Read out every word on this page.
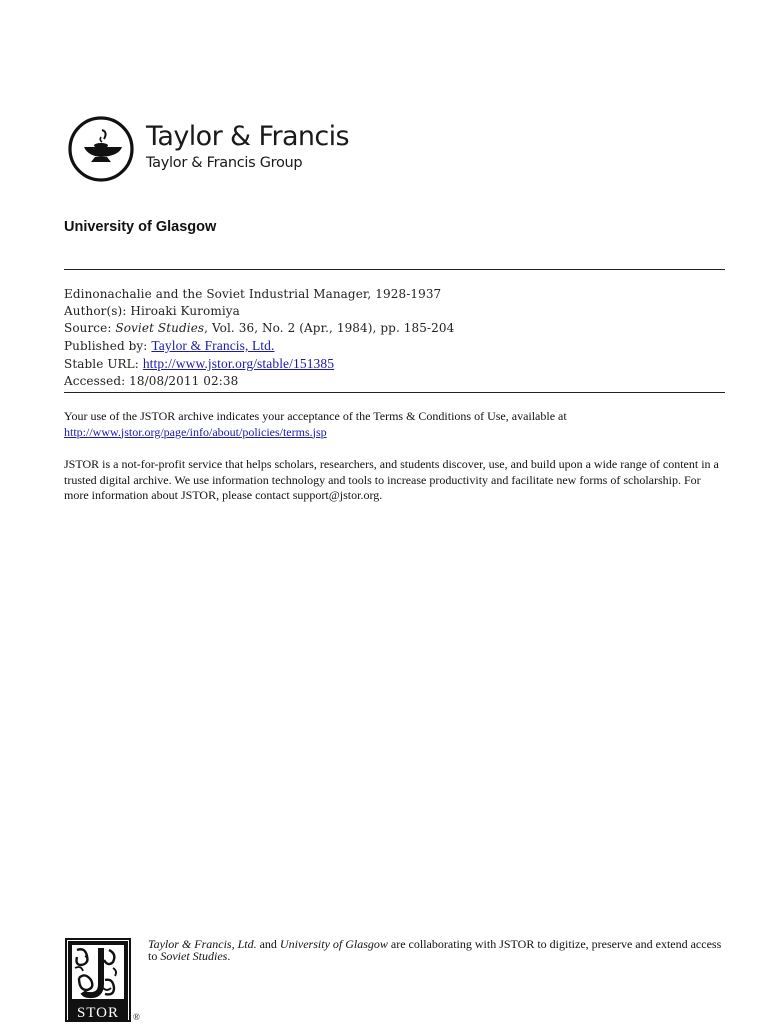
Taylor & Francis
Taylor & Francis Group
University of Glasgow
Edinonachalie and the Soviet Industrial Manager, 1928-1937
Author(s): Hiroaki Kuromiya
Source: Soviet Studies, Vol. 36, No. 2 (Apr., 1984), pp. 185-204
Published by: Taylor & Francis, Ltd.
Stable URL: http://www.jstor.org/stable/151385
Accessed: 18/08/2011 02:38
Your use of the JSTOR archive indicates your acceptance of the Terms & Conditions of Use, available at
http://www.jstor.org/page/info/about/policies/terms.jsp
JSTOR is a not-for-profit service that helps scholars, researchers, and students discover, use, and build upon a wide range of content in a trusted digital archive. We use information technology and tools to increase productivity and facilitate new forms of scholarship. For more information about JSTOR, please contact support@jstor.org.
STOR ®
Taylor & Francis, Ltd. and University of Glasgow are collaborating with JSTOR to digitize, preserve and extend access to Soviet Studies.
